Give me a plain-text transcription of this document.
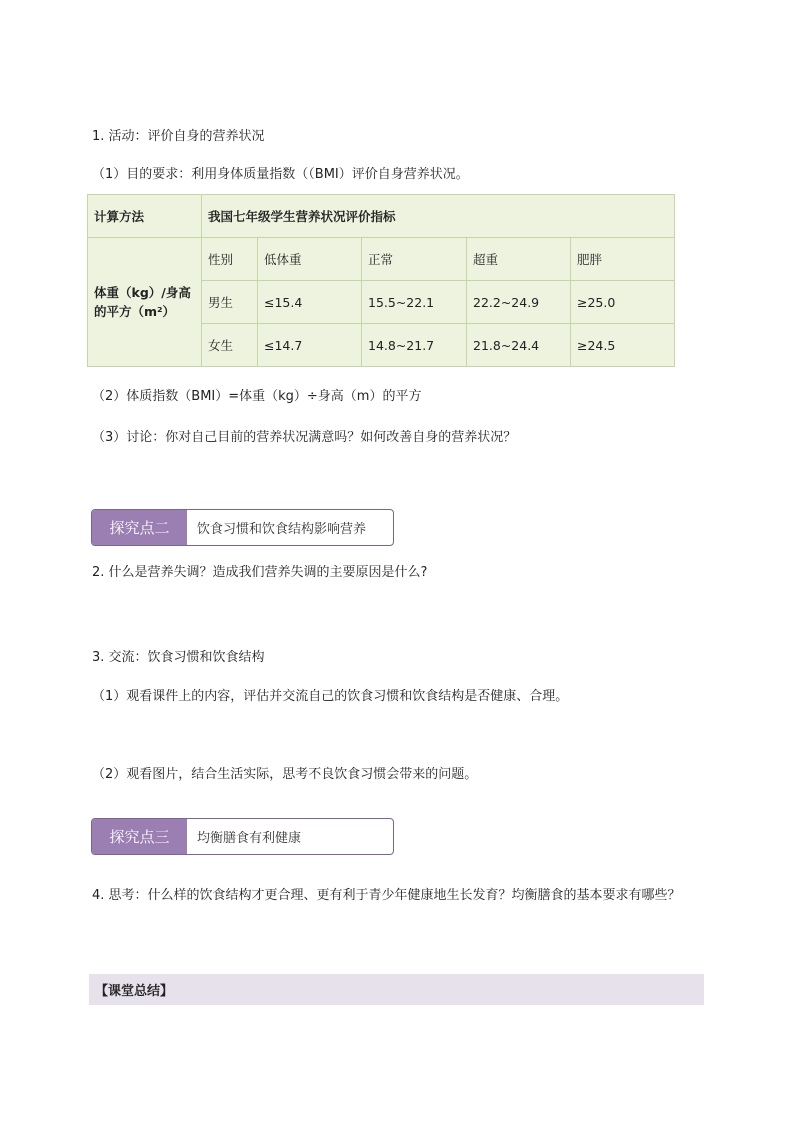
1. 活动：评价自身的营养状况
（1）目的要求：利用身体质量指数（（BMI）评价自身营养状况。
计算方法	我国七年级学生营养状况评价指标				
体重（kg）/身高的平方（m²）	性别	低体重	正常	超重	肥胖
	男生	≤15.4	15.5~22.1	22.2~24.9	≥25.0
	女生	≤14.7	14.8~21.7	21.8~24.4	≥24.5
（2）体质指数（BMI）=体重（kg）÷身高（m）的平方
（3）讨论：你对自己目前的营养状况满意吗？如何改善自身的营养状况？
探究点二	饮食习惯和饮食结构影响营养
2. 什么是营养失调？造成我们营养失调的主要原因是什么?
3. 交流：饮食习惯和饮食结构
（1）观看课件上的内容，评估并交流自己的饮食习惯和饮食结构是否健康、合理。
（2）观看图片，结合生活实际，思考不良饮食习惯会带来的问题。
探究点三	均衡膳食有利健康
4. 思考：什么样的饮食结构才更合理、更有利于青少年健康地生长发育？均衡膳食的基本要求有哪些？
【课堂总结】
